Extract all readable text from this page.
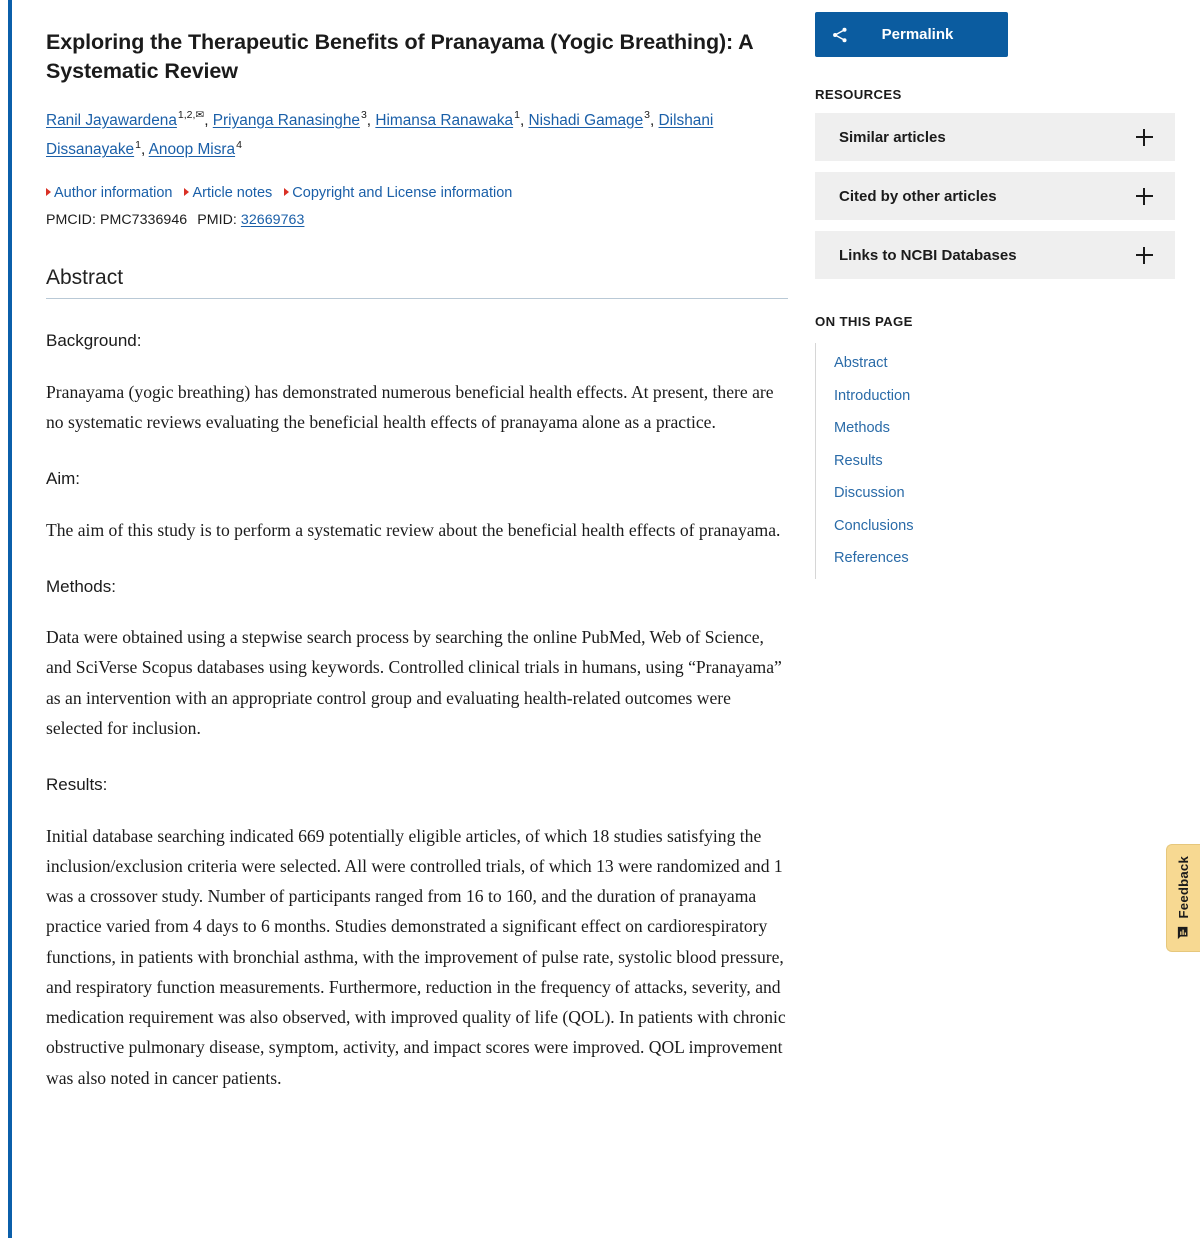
Exploring the Therapeutic Benefits of Pranayama (Yogic Breathing): A Systematic Review
Ranil Jayawardena$^{1,2,✉}$, Priyanga Ranasinghe$^3$, Himansa Ranawaka$^1$, Nishadi Gamage$^3$, Dilshani Dissanayake$^1$, Anoop Misra$^4$
Author information Article notes Copyright and License information
PMCID: PMC7336946 PMID: 32669763
Abstract
Background:

Pranayama (yogic breathing) has demonstrated numerous beneficial health effects. At present, there are no systematic reviews evaluating the beneficial health effects of pranayama alone as a practice.

Aim:

The aim of this study is to perform a systematic review about the beneficial health effects of pranayama.

Methods:

Data were obtained using a stepwise search process by searching the online PubMed, Web of Science, and SciVerse Scopus databases using keywords. Controlled clinical trials in humans, using “Pranayama” as an intervention with an appropriate control group and evaluating health-related outcomes were selected for inclusion.

Results:

Initial database searching indicated 669 potentially eligible articles, of which 18 studies satisfying the inclusion/exclusion criteria were selected. All were controlled trials, of which 13 were randomized and 1 was a crossover study. Number of participants ranged from 16 to 160, and the duration of pranayama practice varied from 4 days to 6 months. Studies demonstrated a significant effect on cardiorespiratory functions, in patients with bronchial asthma, with the improvement of pulse rate, systolic blood pressure, and respiratory function measurements. Furthermore, reduction in the frequency of attacks, severity, and medication requirement was also observed, with improved quality of life (QOL). In patients with chronic obstructive pulmonary disease, symptom, activity, and impact scores were improved. QOL improvement was also noted in cancer patients.

Permalink
RESOURCES
Similar articles
Cited by other articles
Links to NCBI Databases
ON THIS PAGE
Abstract
Introduction
Methods
Results
Discussion
Conclusions
References
Feedback
